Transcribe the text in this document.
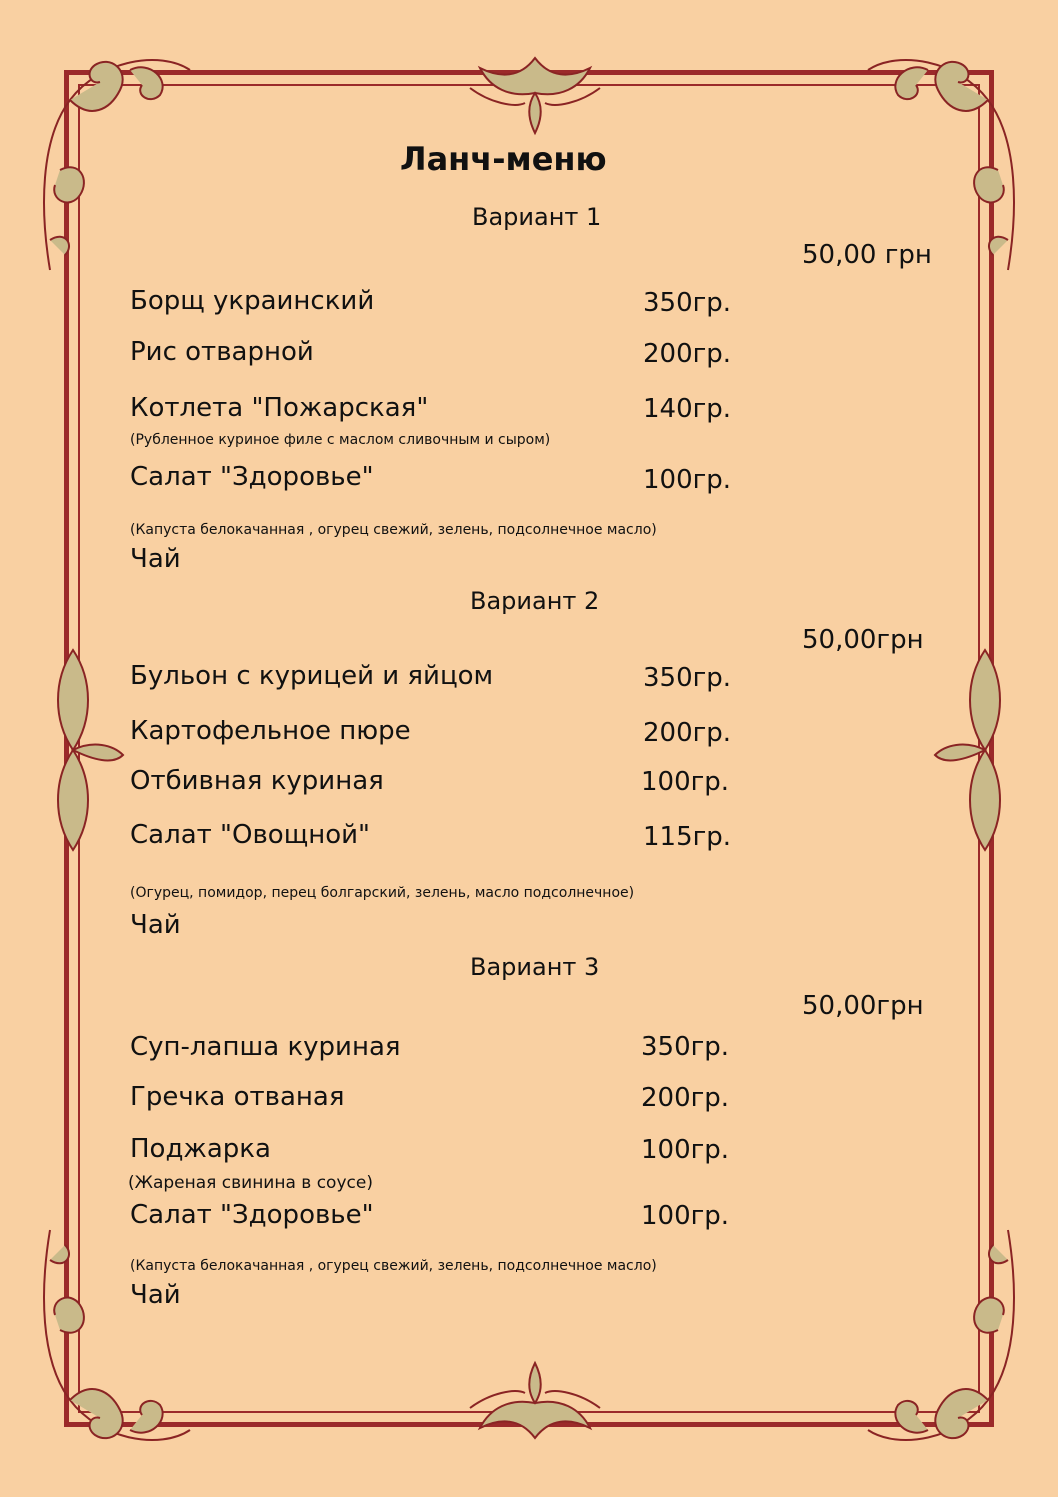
Ланч-меню
Вариант 1
50,00 грн
Борщ украинский	350гр.
Рис отварной	200гр.
Котлета "Пожарская"	140гр.
(Рубленное куриное филе с маслом сливочным и сыром)
Салат "Здоровье"	100гр.
(Капуста белокачанная , огурец свежий, зелень, подсолнечное масло)
Чай
Вариант 2
50,00грн
Бульон с курицей и яйцом	350гр.
Картофельное пюре	200гр.
Отбивная куриная	100гр.
Салат "Овощной"	115гр.
(Огурец, помидор, перец болгарский, зелень, масло подсолнечное)
Чай
Вариант 3
50,00грн
Суп-лапша куриная	350гр.
Гречка отваная	200гр.
Поджарка	100гр.
(Жареная свинина в соусе)
Салат "Здоровье"	100гр.
(Капуста белокачанная , огурец свежий, зелень, подсолнечное масло)
Чай
